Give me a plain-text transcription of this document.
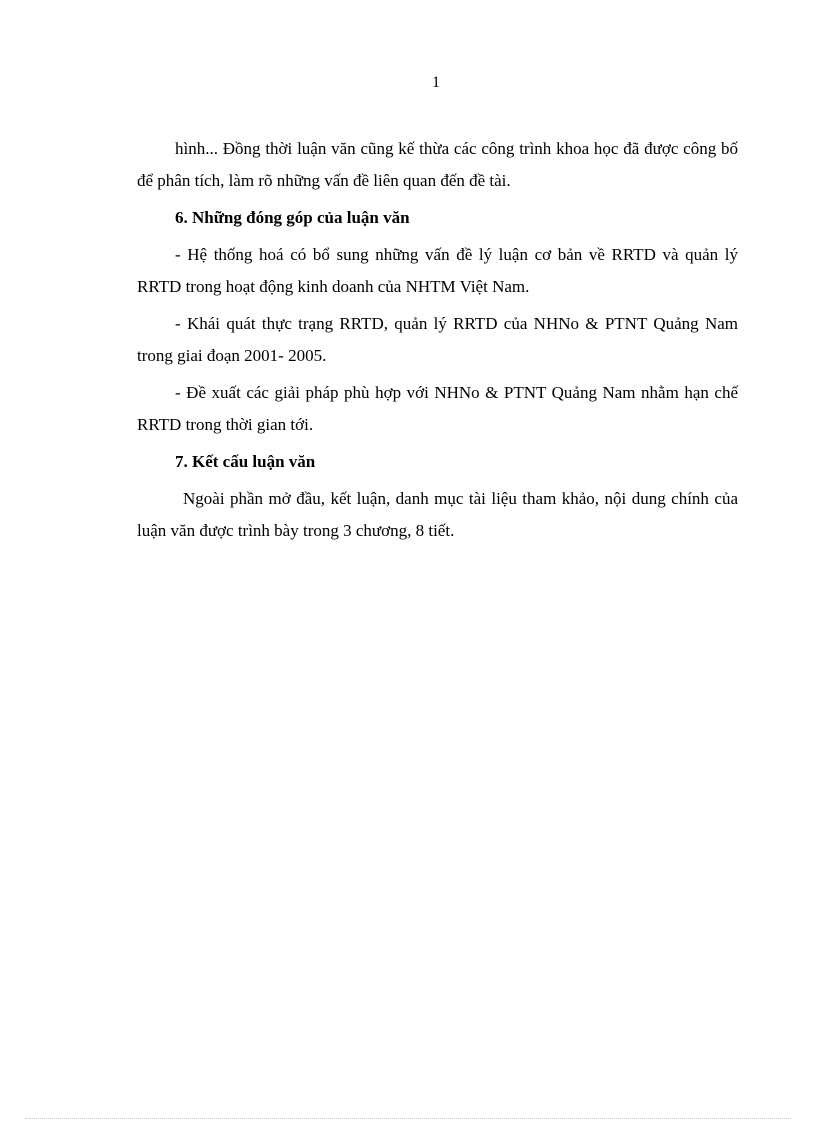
1

hình... Đồng thời luận văn cũng kế thừa các công trình khoa học đã được công bố để phân tích, làm rõ những vấn đề liên quan đến đề tài.

6. Những đóng góp của luận văn

- Hệ thống hoá có bổ sung những vấn đề lý luận cơ bản về RRTD và quản lý RRTD trong hoạt động kinh doanh của NHTM Việt Nam.

- Khái quát thực trạng RRTD, quản lý RRTD của NHNo & PTNT Quảng Nam trong giai đoạn 2001- 2005.

- Đề xuất các giải pháp phù hợp với NHNo & PTNT Quảng Nam nhằm hạn chế RRTD trong thời gian tới.

7. Kết cấu luận văn

Ngoài phần mở đầu, kết luận, danh mục tài liệu tham khảo, nội dung chính của luận văn được trình bày trong 3 chương, 8 tiết.
